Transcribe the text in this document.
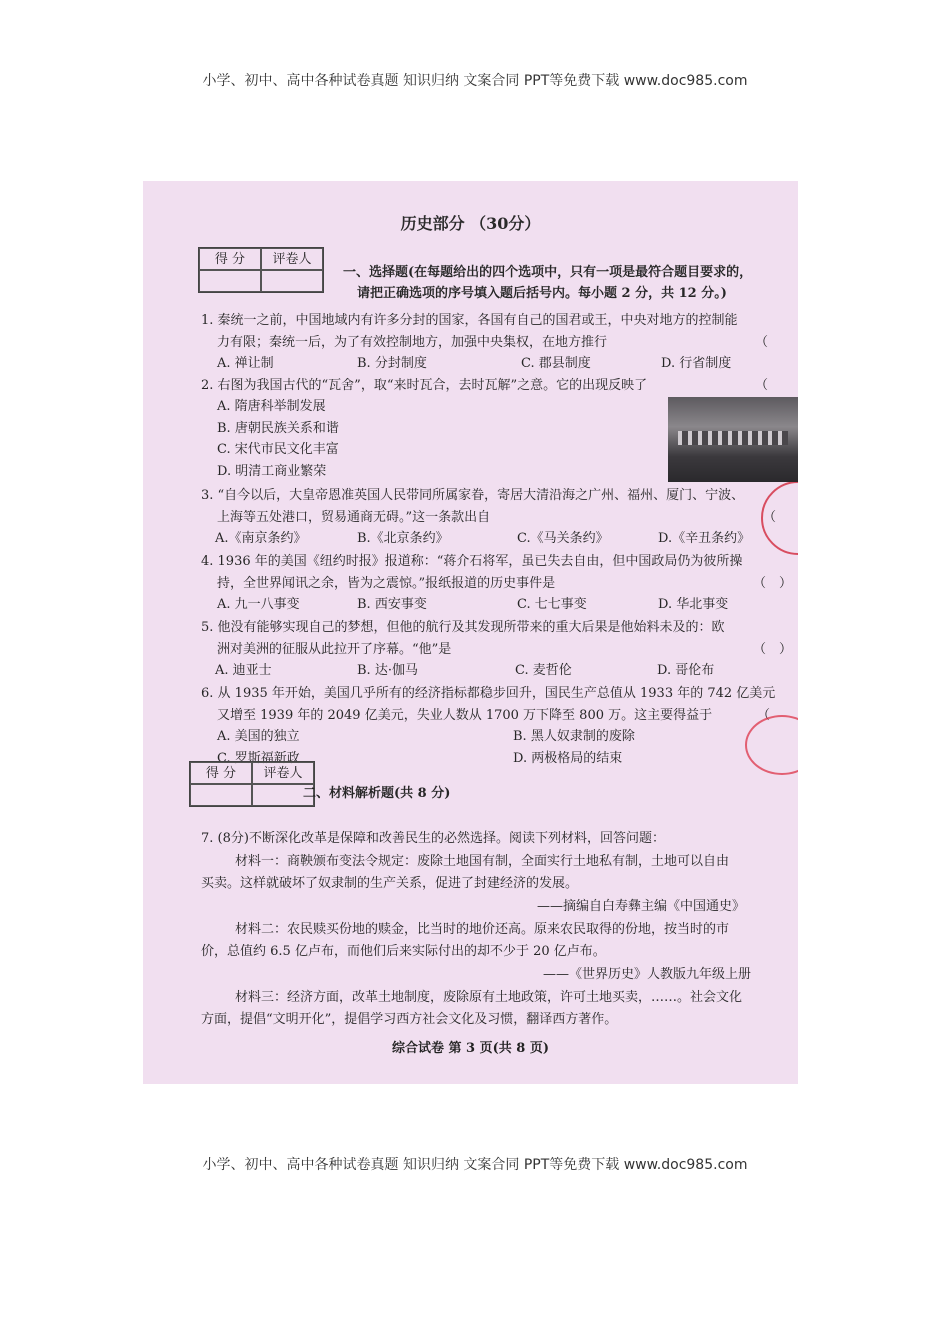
小学、初中、高中各种试卷真题 知识归纳 文案合同 PPT等免费下载 www.doc985.com
历史部分 （30分）
得 分	评卷人
一、选择题(在每题给出的四个选项中，只有一项是最符合题目要求的，
请把正确选项的序号填入题后括号内。每小题 2 分，共 12 分。)
1. 秦统一之前，中国地域内有许多分封的国家，各国有自己的国君或王，中央对地方的控制能
力有限；秦统一后，为了有效控制地方，加强中央集权，在地方推行	（
A. 禅让制	B. 分封制度	C. 郡县制度	D. 行省制度
2. 右图为我国古代的“瓦舍”，取“来时瓦合，去时瓦解”之意。它的出现反映了	（
A. 隋唐科举制发展
B. 唐朝民族关系和谐
C. 宋代市民文化丰富
D. 明清工商业繁荣
3. “自今以后，大皇帝恩准英国人民带同所属家眷，寄居大清沿海之广州、福州、厦门、宁波、
上海等五处港口，贸易通商无碍。”这一条款出自	（
A.《南京条约》	B.《北京条约》	C.《马关条约》	D.《辛丑条约》
4. 1936 年的美国《纽约时报》报道称：“蒋介石将军，虽已失去自由，但中国政局仍为彼所操
持，全世界闻讯之余，皆为之震惊。”报纸报道的历史事件是	（　）
A. 九一八事变	B. 西安事变	C. 七七事变	D. 华北事变
5. 他没有能够实现自己的梦想，但他的航行及其发现所带来的重大后果是他始料未及的：欧
洲对美洲的征服从此拉开了序幕。“他”是	（　）
A. 迪亚士	B. 达·伽马	C. 麦哲伦	D. 哥伦布
6. 从 1935 年开始，美国几乎所有的经济指标都稳步回升，国民生产总值从 1933 年的 742 亿美元
又增至 1939 年的 2049 亿美元，失业人数从 1700 万下降至 800 万。这主要得益于	（
A. 美国的独立	B. 黑人奴隶制的废除
C. 罗斯福新政	D. 两极格局的结束
得 分	评卷人
二、材料解析题(共 8 分)
7. (8分)不断深化改革是保障和改善民生的必然选择。阅读下列材料，回答问题：
材料一：商鞅颁布变法令规定：废除土地国有制，全面实行土地私有制，土地可以自由
买卖。这样就破坏了奴隶制的生产关系，促进了封建经济的发展。
——摘编自白寿彝主编《中国通史》
材料二：农民赎买份地的赎金，比当时的地价还高。原来农民取得的份地，按当时的市
价，总值约 6.5 亿卢布，而他们后来实际付出的却不少于 20 亿卢布。
——《世界历史》人教版九年级上册
材料三：经济方面，改革土地制度，废除原有土地政策，许可土地买卖，……。社会文化
方面，提倡“文明开化”，提倡学习西方社会文化及习惯，翻译西方著作。
综合试卷 第 3 页(共 8 页)
小学、初中、高中各种试卷真题 知识归纳 文案合同 PPT等免费下载 www.doc985.com
